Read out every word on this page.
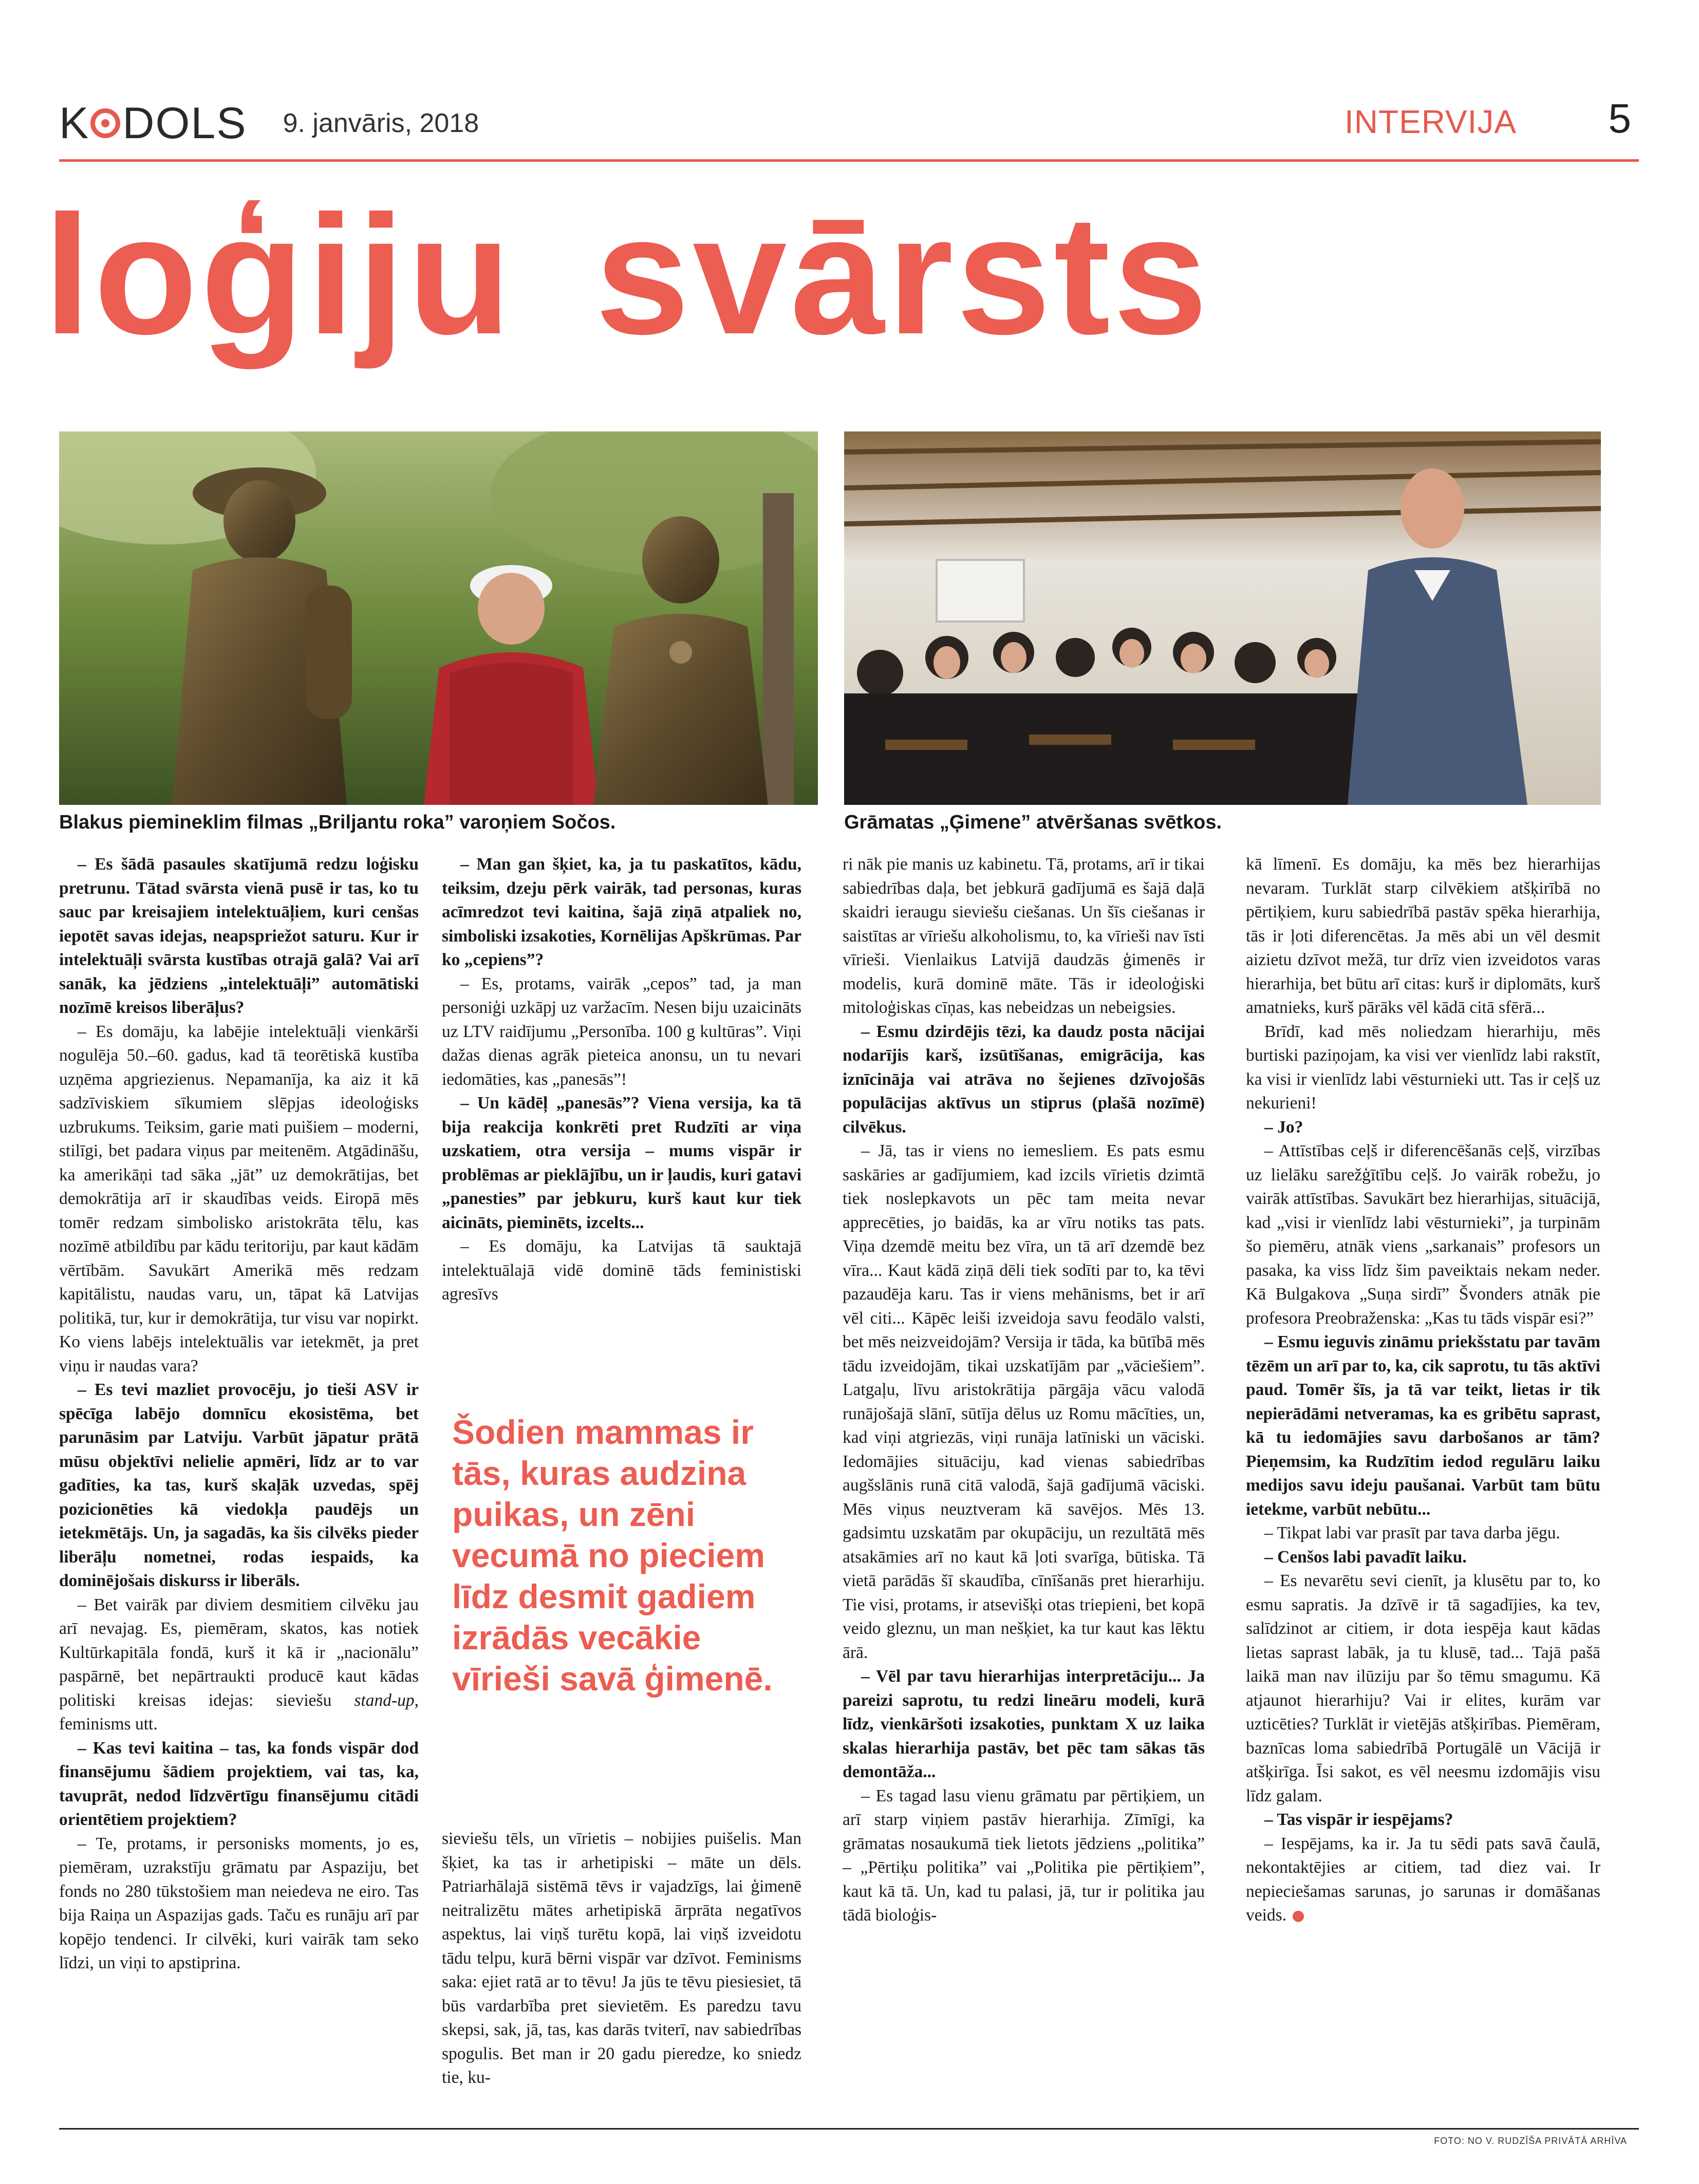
K DOLS 9. janvāris, 2018	INTERVIJA 5
loģiju svārsts
Blakus piemineklim filmas „Briljantu roka” varoņiem Sočos.	Grāmatas „Ģimene” atvēršanas svētkos.

– Es šādā pasaules skatījumā redzu loģisku pretrunu. Tātad svārsta vienā pusē ir tas, ko tu sauc par kreisajiem intelektuāļiem, kuri cenšas iepotēt savas idejas, neapspriežot saturu. Kur ir intelektuāļi svārsta kustības otrajā galā? Vai arī sanāk, ka jēdziens „intelektuāļi” automātiski nozīmē kreisos liberāļus?

– Es domāju, ka labējie intelektuāļi vienkārši nogulēja 50.–60. gadus, kad tā teorētiskā kustība uzņēma apgriezienus. Nepamanīja, ka aiz it kā sadzīviskiem sīkumiem slēpjas ideoloģisks uzbrukums. Teiksim, garie mati puišiem – moderni, stilīgi, bet padara viņus par meitenēm. Atgādināšu, ka amerikāņi tad sāka „jāt” uz demokrātijas, bet demokrātija arī ir skaudības veids. Eiropā mēs tomēr redzam simbolisko aristokrāta tēlu, kas nozīmē atbildību par kādu teritoriju, par kaut kādām vērtībām. Savukārt Amerikā mēs redzam kapitālistu, naudas varu, un, tāpat kā Latvijas politikā, tur, kur ir demokrātija, tur visu var nopirkt. Ko viens labējs intelektuālis var ietekmēt, ja pret viņu ir naudas vara?

– Es tevi mazliet provocēju, jo tieši ASV ir spēcīga labējo domnīcu ekosistēma, bet parunāsim par Latviju. Varbūt jāpatur prātā mūsu objektīvi nelielie apmēri, līdz ar to var gadīties, ka tas, kurš skaļāk uzvedas, spēj pozicionēties kā viedokļa paudējs un ietekmētājs. Un, ja sagadās, ka šis cilvēks pieder liberāļu nometnei, rodas iespaids, ka dominējošais diskurss ir liberāls.

– Bet vairāk par diviem desmitiem cilvēku jau arī nevajag. Es, piemēram, skatos, kas notiek Kultūrkapitāla fondā, kurš it kā ir „nacionālu” paspārnē, bet nepārtraukti producē kaut kādas politiski kreisas idejas: sieviešu stand-up, feminisms utt.

– Kas tevi kaitina – tas, ka fonds vispār dod finansējumu šādiem projektiem, vai tas, ka, tavuprāt, nedod līdzvērtīgu finansējumu citādi orientētiem projektiem?

– Te, protams, ir personisks moments, jo es, piemēram, uzrakstīju grāmatu par Aspaziju, bet fonds no 280 tūkstošiem man neiedeva ne eiro. Tas bija Raiņa un Aspazijas gads. Taču es runāju arī par kopējo tendenci. Ir cilvēki, kuri vairāk tam seko līdzi, un viņi to apstiprina.

– Man gan šķiet, ka, ja tu paskatītos, kādu, teiksim, dzeju pērk vairāk, tad personas, kuras acīmredzot tevi kaitina, šajā ziņā atpaliek no, simboliski izsakoties, Kornēlijas Apškrūmas. Par ko „cepiens”?

– Es, protams, vairāk „cepos” tad, ja man personiģi uzkāpj uz varžacīm. Nesen biju uzaicināts uz LTV raidījumu „Personība. 100 g kultūras”. Viņi dažas dienas agrāk pieteica anonsu, un tu nevari iedomāties, kas „panesās”!

– Un kādēļ „panesās”? Viena versija, ka tā bija reakcija konkrēti pret Rudzīti ar viņa uzskatiem, otra versija – mums vispār ir problēmas ar pieklājību, un ir ļaudis, kuri gatavi „panesties” par jebkuru, kurš kaut kur tiek aicināts, pieminēts, izcelts...

– Es domāju, ka Latvijas tā sauktajā intelektuālajā vidē dominē tāds feministiski agresīvs

Šodien mammas ir tās, kuras audzina puikas, un zēni vecumā no pieciem līdz desmit gadiem izrādās vecākie vīrieši savā ģimenē.

sieviešu tēls, un vīrietis – nobijies puišelis. Man šķiet, ka tas ir arhetipiski – māte un dēls. Patriarhālajā sistēmā tēvs ir vajadzīgs, lai ģimenē neitralizētu mātes arhetipiskā ārprāta negatīvos aspektus, lai viņš turētu kopā, lai viņš izveidotu tādu telpu, kurā bērni vispār var dzīvot. Feminisms saka: ejiet ratā ar to tēvu! Ja jūs te tēvu piesiesiet, tā būs vardarbība pret sievietēm. Es paredzu tavu skepsi, sak, jā, tas, kas darās tviterī, nav sabiedrības spogulis. Bet man ir 20 gadu pieredze, ko sniedz tie, ku-

ri nāk pie manis uz kabinetu. Tā, protams, arī ir tikai sabiedrības daļa, bet jebkurā gadījumā es šajā daļā skaidri ieraugu sieviešu ciešanas. Un šīs ciešanas ir saistītas ar vīriešu alkoholismu, to, ka vīrieši nav īsti vīrieši. Vienlaikus Latvijā daudzās ģimenēs ir modelis, kurā dominē māte. Tās ir ideoloģiski mitoloģiskas cīņas, kas nebeidzas un nebeigsies.

– Esmu dzirdējis tēzi, ka daudz posta nācijai nodarījis karš, izsūtīšanas, emigrācija, kas iznīcināja vai atrāva no šejienes dzīvojošās populācijas aktīvus un stiprus (plašā nozīmē) cilvēkus.

– Jā, tas ir viens no iemesliem. Es pats esmu saskāries ar gadījumiem, kad izcils vīrietis dzimtā tiek noslepkavots un pēc tam meita nevar apprecēties, jo baidās, ka ar vīru notiks tas pats. Viņa dzemdē meitu bez vīra, un tā arī dzemdē bez vīra... Kaut kādā ziņā dēli tiek sodīti par to, ka tēvi pazaudēja karu. Tas ir viens mehānisms, bet ir arī vēl citi... Kāpēc leiši izveidoja savu feodālo valsti, bet mēs neizveidojām? Versija ir tāda, ka būtībā mēs tādu izveidojām, tikai uzskatījām par „vāciešiem”. Latgaļu, līvu aristokrātija pārgāja vācu valodā runājošajā slānī, sūtīja dēlus uz Romu mācīties, un, kad viņi atgriezās, viņi runāja latīniski un vāciski. Iedomājies situāciju, kad vienas sabiedrības augšslānis runā citā valodā, šajā gadījumā vāciski. Mēs viņus neuztveram kā savējos. Mēs 13. gadsimtu uzskatām par okupāciju, un rezultātā mēs atsakāmies arī no kaut kā ļoti svarīga, būtiska. Tā vietā parādās šī skaudība, cīnīšanās pret hierarhiju. Tie visi, protams, ir atsevišķi otas triepieni, bet kopā veido gleznu, un man nešķiet, ka tur kaut kas lēktu ārā.

– Vēl par tavu hierarhijas interpretāciju... Ja pareizi saprotu, tu redzi lineāru modeli, kurā līdz, vienkāršoti izsakoties, punktam X uz laika skalas hierarhija pastāv, bet pēc tam sākas tās demontāža...

– Es tagad lasu vienu grāmatu par pērtiķiem, un arī starp viņiem pastāv hierarhija. Zīmīgi, ka grāmatas nosaukumā tiek lietots jēdziens „politika” – „Pērtiķu politika” vai „Politika pie pērtiķiem”, kaut kā tā. Un, kad tu palasi, jā, tur ir politika jau tādā bioloģis-

kā līmenī. Es domāju, ka mēs bez hierarhijas nevaram. Turklāt starp cilvēkiem atšķirībā no pērtiķiem, kuru sabiedrībā pastāv spēka hierarhija, tās ir ļoti diferencētas. Ja mēs abi un vēl desmit aizietu dzīvot mežā, tur drīz vien izveidotos varas hierarhija, bet būtu arī citas: kurš ir diplomāts, kurš amatnieks, kurš pārāks vēl kādā citā sfērā...

Brīdī, kad mēs noliedzam hierarhiju, mēs burtiski paziņojam, ka visi ver vienlīdz labi rakstīt, ka visi ir vienlīdz labi vēsturnieki utt. Tas ir ceļš uz nekurieni!

– Jo?

– Attīstības ceļš ir diferencēšanās ceļš, virzības uz lielāku sarežģītību ceļš. Jo vairāk robežu, jo vairāk attīstības. Savukārt bez hierarhijas, situācijā, kad „visi ir vienlīdz labi vēsturnieki”, ja turpinām šo piemēru, atnāk viens „sarkanais” profesors un pasaka, ka viss līdz šim paveiktais nekam neder. Kā Bulgakova „Suņa sirdī” Švonders atnāk pie profesora Preobraženska: „Kas tu tāds vispār esi?”

– Esmu ieguvis zināmu priekšstatu par tavām tēzēm un arī par to, ka, cik saprotu, tu tās aktīvi paud. Tomēr šīs, ja tā var teikt, lietas ir tik nepierādāmi netveramas, ka es gribētu saprast, kā tu iedomājies savu darbošanos ar tām? Pieņemsim, ka Rudzītim iedod regulāru laiku medijos savu ideju paušanai. Varbūt tam būtu ietekme, varbūt nebūtu...

– Tikpat labi var prasīt par tava darba jēgu.

– Cenšos labi pavadīt laiku.

– Es nevarētu sevi cienīt, ja klusētu par to, ko esmu sapratis. Ja dzīvē ir tā sagadījies, ka tev, salīdzinot ar citiem, ir dota iespēja kaut kādas lietas saprast labāk, ja tu klusē, tad... Tajā pašā laikā man nav ilūziju par šo tēmu smagumu. Kā atjaunot hierarhiju? Vai ir elites, kurām var uzticēties? Turklāt ir vietējās atšķirības. Piemēram, baznīcas loma sabiedrībā Portugālē un Vācijā ir atšķirīga. Īsi sakot, es vēl neesmu izdomājis visu līdz galam.

– Tas vispār ir iespējams?

– Iespējams, ka ir. Ja tu sēdi pats savā čaulā, nekontaktējies ar citiem, tad diez vai. Ir nepieciešamas sarunas, jo sarunas ir domāšanas veids.

FOTO: NO V. RUDZĪŠA PRIVĀTĀ ARHĪVA
